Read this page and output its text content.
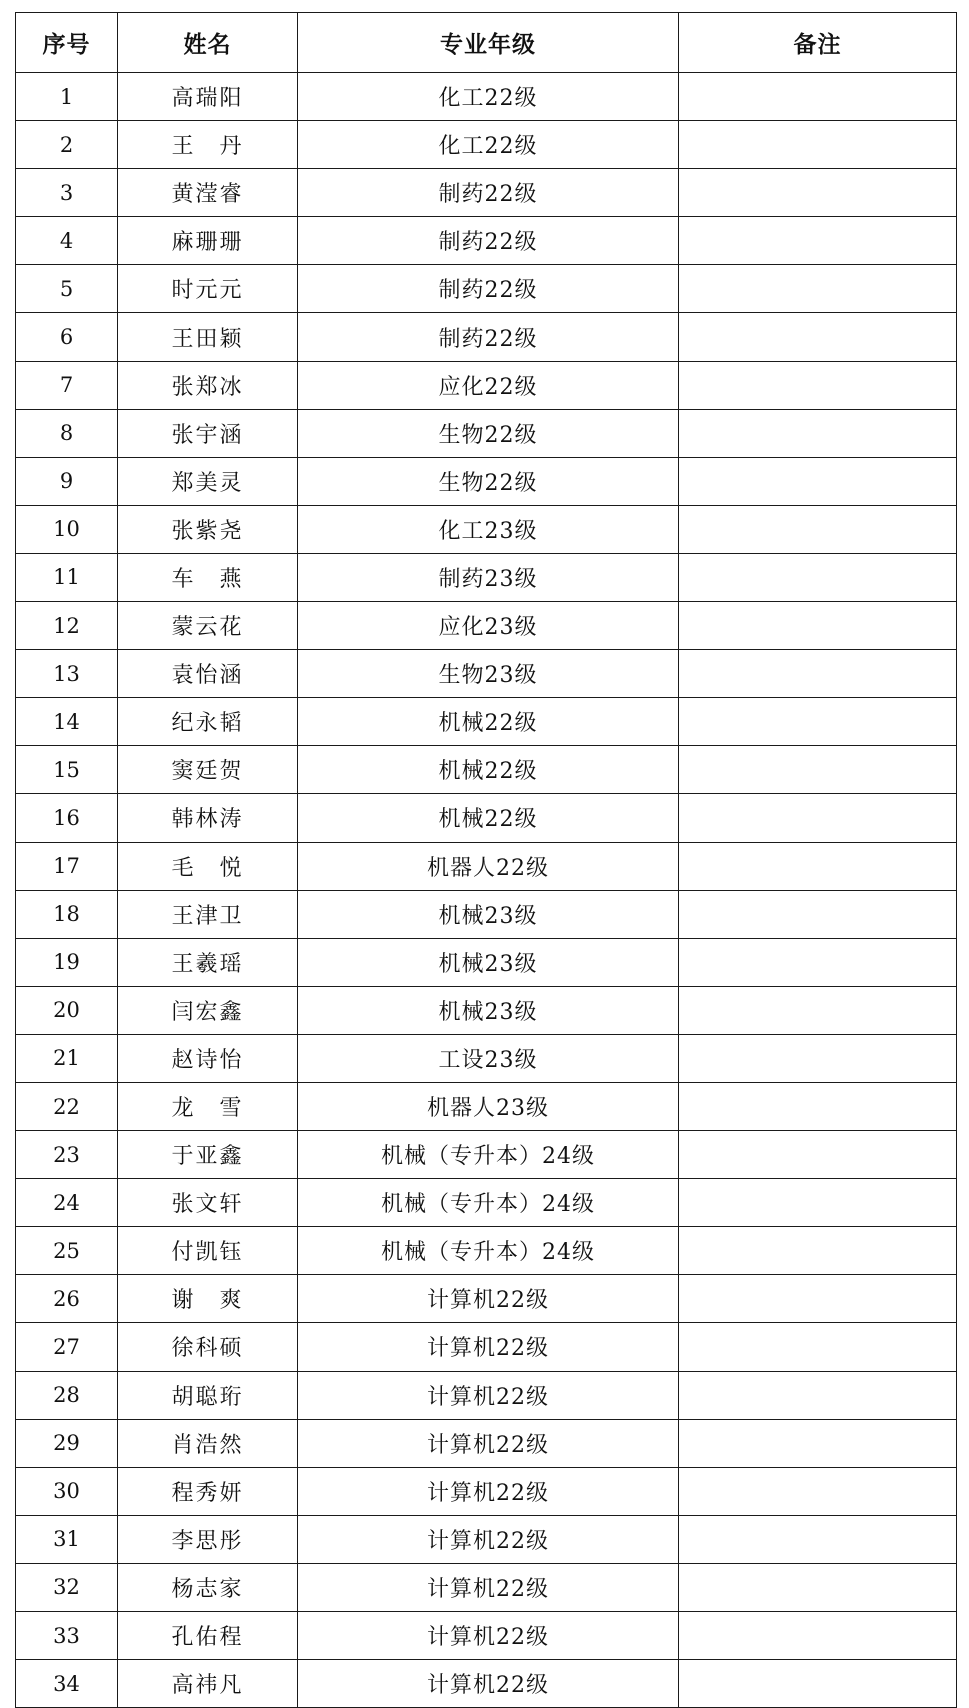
序号	姓名	专业年级	备注
1	高瑞阳	化工22级	
2	王　丹	化工22级	
3	黄滢睿	制药22级	
4	麻珊珊	制药22级	
5	时元元	制药22级	
6	王田颖	制药22级	
7	张郑冰	应化22级	
8	张宇涵	生物22级	
9	郑美灵	生物22级	
10	张紫尧	化工23级	
11	车　燕	制药23级	
12	蒙云花	应化23级	
13	袁怡涵	生物23级	
14	纪永韬	机械22级	
15	窦廷贺	机械22级	
16	韩林涛	机械22级	
17	毛　悦	机器人22级	
18	王津卫	机械23级	
19	王羲瑶	机械23级	
20	闫宏鑫	机械23级	
21	赵诗怡	工设23级	
22	龙　雪	机器人23级	
23	于亚鑫	机械（专升本）24级	
24	张文轩	机械（专升本）24级	
25	付凯钰	机械（专升本）24级	
26	谢　爽	计算机22级	
27	徐科硕	计算机22级	
28	胡聪珩	计算机22级	
29	肖浩然	计算机22级	
30	程秀妍	计算机22级	
31	李思彤	计算机22级	
32	杨志家	计算机22级	
33	孔佑程	计算机22级	
34	高祎凡	计算机22级	
